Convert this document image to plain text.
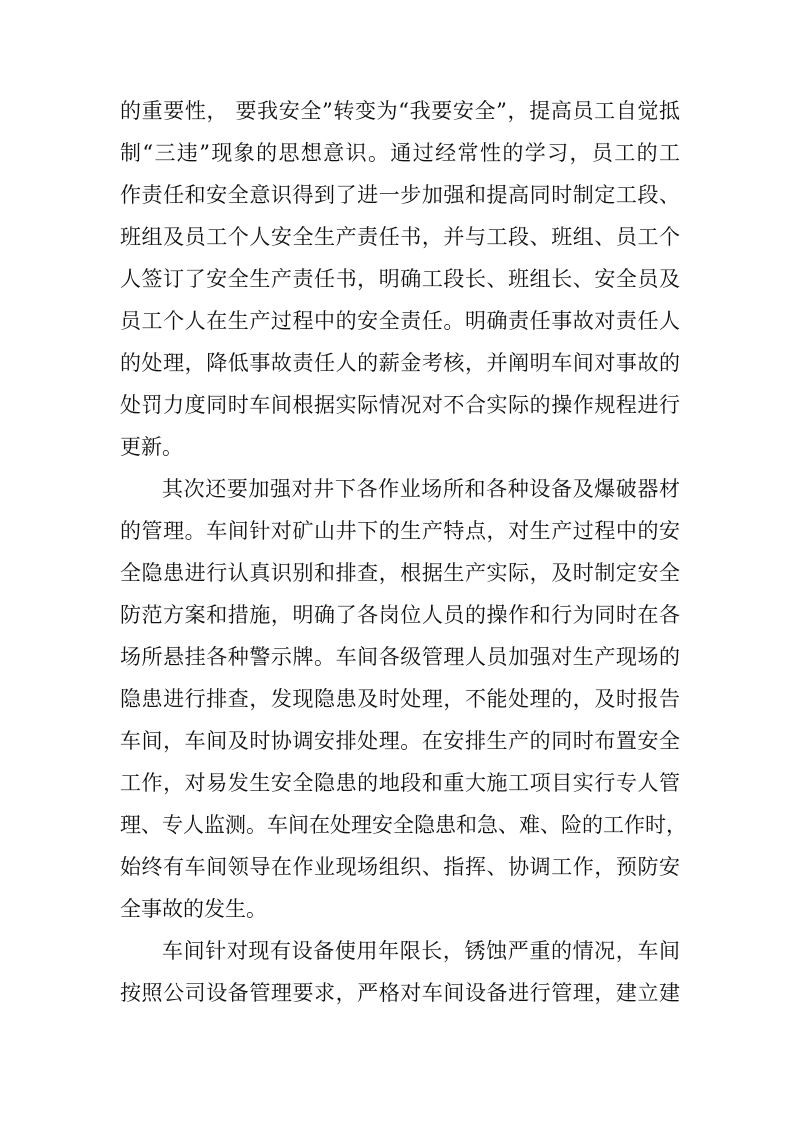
的重要性， 要我安全”转变为“我要安全”，提高员工自觉抵
制“三违”现象的思想意识。通过经常性的学习，员工的工
作责任和安全意识得到了进一步加强和提高同时制定工段、
班组及员工个人安全生产责任书，并与工段、班组、员工个
人签订了安全生产责任书，明确工段长、班组长、安全员及
员工个人在生产过程中的安全责任。明确责任事故对责任人
的处理，降低事故责任人的薪金考核，并阐明车间对事故的
处罚力度同时车间根据实际情况对不合实际的操作规程进行
更新。
其次还要加强对井下各作业场所和各种设备及爆破器材
的管理。车间针对矿山井下的生产特点，对生产过程中的安
全隐患进行认真识别和排查，根据生产实际，及时制定安全
防范方案和措施，明确了各岗位人员的操作和行为同时在各
场所悬挂各种警示牌。车间各级管理人员加强对生产现场的
隐患进行排查，发现隐患及时处理，不能处理的，及时报告
车间，车间及时协调安排处理。在安排生产的同时布置安全
工作，对易发生安全隐患的地段和重大施工项目实行专人管
理、专人监测。车间在处理安全隐患和急、难、险的工作时，
始终有车间领导在作业现场组织、指挥、协调工作，预防安
全事故的发生。
车间针对现有设备使用年限长，锈蚀严重的情况，车间
按照公司设备管理要求，严格对车间设备进行管理，建立建
